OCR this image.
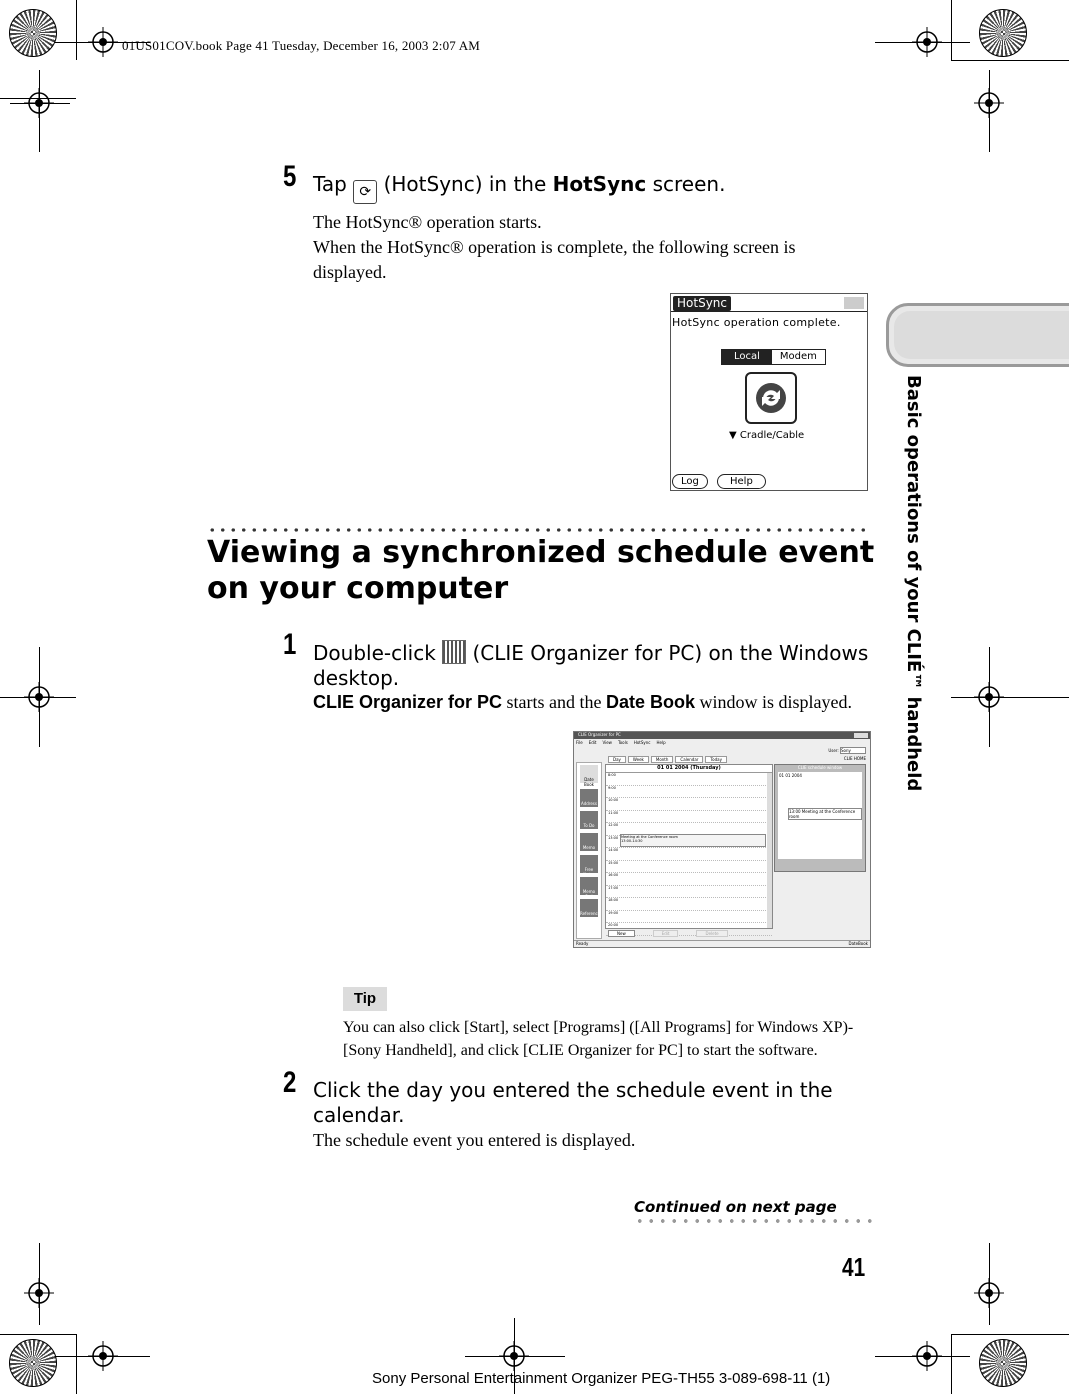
01US01COV.book Page 41 Tuesday, December 16, 2003 2:07 AM
Basic operations of your CLIÉ™ handheld
5 Tap ⟳ (HotSync) in the HotSync screen.
The HotSync® operation starts.
When the HotSync® operation is complete, the following screen is displayed.
HotSync
HotSync operation complete.
Local	Modem
▼ Cradle/Cable
Log	Help
Viewing a synchronized schedule event on your computer
1 Double-click (CLIE Organizer for PC) on the Windows desktop.
CLIE Organizer for PC starts and the Date Book window is displayed.
CLIE Organizer for PC
File Edit View Tools HotSync Help
User: Sony
CLIE HOME
Date Book
Address
To Do
Memo
Free Notes
Memo Pad
Reference
Day	Week	Month	Calendar	Today
01 01 2004 (Thursday)
8:00
9:00
10:00
11:00
12:00
13:00
14:00
15:00
16:00
17:00
18:00
19:00
20:00
Meeting at the Conference room
13:00-14:30
CLIE schedule window
01 01 2004
13:00 Meeting at the Conference room
New	Edit	Delete
Ready	DateBook
Tip
You can also click [Start], select [Programs] ([All Programs] for Windows XP)-[Sony Handheld], and click [CLIE Organizer for PC] to start the software.
2 Click the day you entered the schedule event in the calendar.
The schedule event you entered is displayed.
Continued on next page
41
Sony Personal Entertainment Organizer PEG-TH55 3-089-698-11 (1)
